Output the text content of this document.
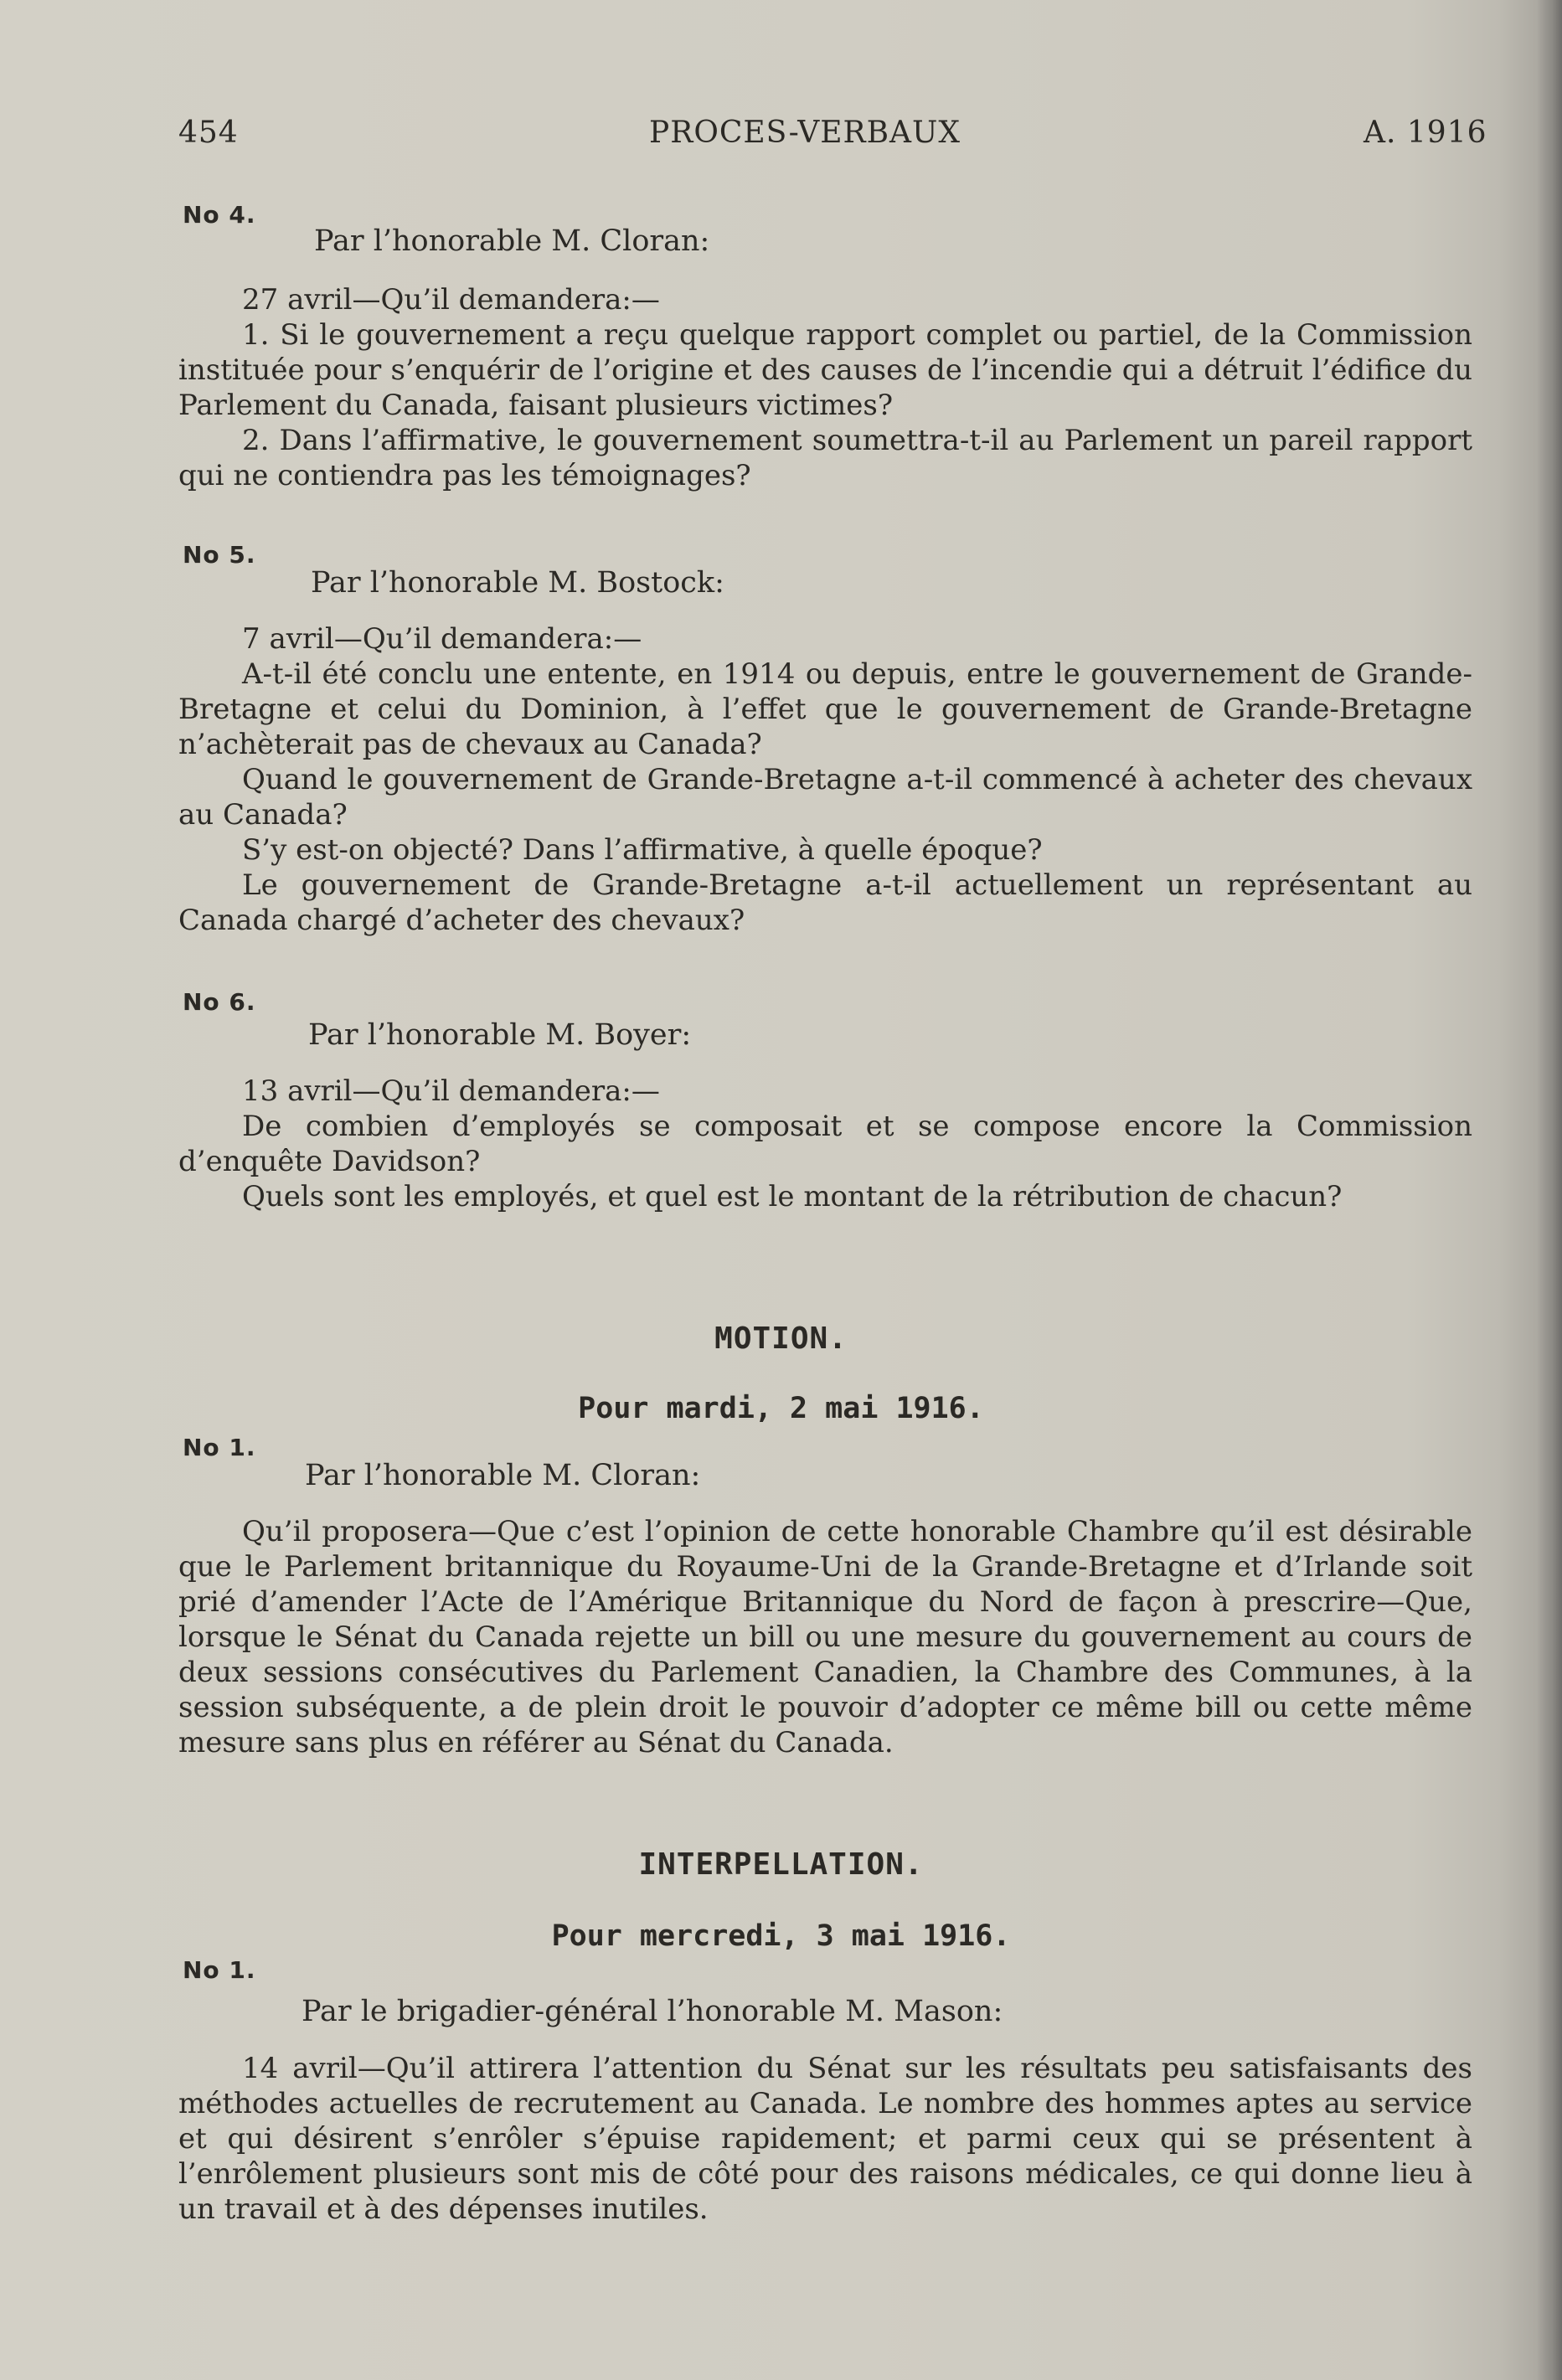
454	PROCES-VERBAUX	A. 1916
No 4.
Par l’honorable M. Cloran:

27 avril—Qu’il demandera:—

1. Si le gouvernement a reçu quelque rapport complet ou partiel, de la Commission instituée pour s’enquérir de l’origine et des causes de l’incendie qui a détruit l’édifice du Parlement du Canada, faisant plusieurs victimes?

2. Dans l’affirmative, le gouvernement soumettra-t-il au Parlement un pareil rapport qui ne contiendra pas les témoignages?

No 5.
Par l’honorable M. Bostock:

7 avril—Qu’il demandera:—

A-t-il été conclu une entente, en 1914 ou depuis, entre le gouvernement de Grande-Bretagne et celui du Dominion, à l’effet que le gouvernement de Grande-Bretagne n’achèterait pas de chevaux au Canada?

Quand le gouvernement de Grande-Bretagne a-t-il commencé à acheter des chevaux au Canada?

S’y est-on objecté? Dans l’affirmative, à quelle époque?

Le gouvernement de Grande-Bretagne a-t-il actuellement un représentant au Canada chargé d’acheter des chevaux?

No 6.
Par l’honorable M. Boyer:

13 avril—Qu’il demandera:—

De combien d’employés se composait et se compose encore la Commission d’enquête Davidson?

Quels sont les employés, et quel est le montant de la rétribution de chacun?

MOTION.
Pour mardi, 2 mai 1916.
No 1.
Par l’honorable M. Cloran:

Qu’il proposera—Que c’est l’opinion de cette honorable Chambre qu’il est désirable que le Parlement britannique du Royaume-Uni de la Grande-Bretagne et d’Irlande soit prié d’amender l’Acte de l’Amérique Britannique du Nord de façon à prescrire—Que, lorsque le Sénat du Canada rejette un bill ou une mesure du gouvernement au cours de deux sessions consécutives du Parlement Canadien, la Chambre des Communes, à la session subséquente, a de plein droit le pouvoir d’adopter ce même bill ou cette même mesure sans plus en référer au Sénat du Canada.

INTERPELLATION.
Pour mercredi, 3 mai 1916.
No 1.
Par le brigadier-général l’honorable M. Mason:

14 avril—Qu’il attirera l’attention du Sénat sur les résultats peu satisfaisants des méthodes actuelles de recrutement au Canada. Le nombre des hommes aptes au service et qui désirent s’enrôler s’épuise rapidement; et parmi ceux qui se présentent à l’enrôlement plusieurs sont mis de côté pour des raisons médicales, ce qui donne lieu à un travail et à des dépenses inutiles.
